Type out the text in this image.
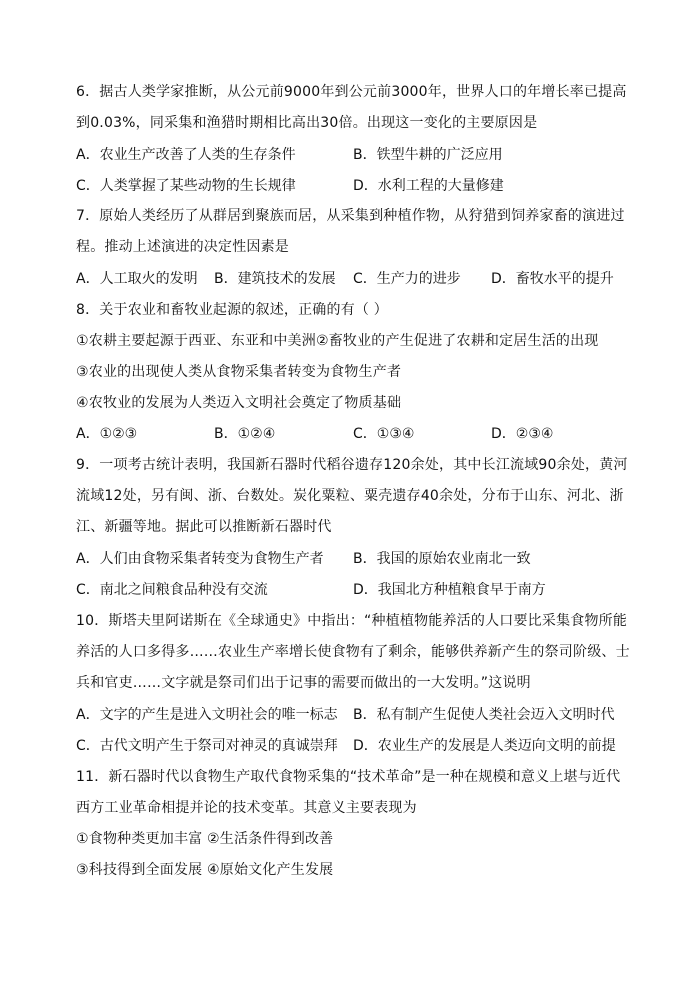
6．据古人类学家推断，从公元前9000年到公元前3000年，世界人口的年增长率已提高
到0.03%，同采集和渔猎时期相比高出30倍。出现这一变化的主要原因是
A．农业生产改善了人类的生存条件	B．铁型牛耕的广泛应用
C．人类掌握了某些动物的生长规律	D．水利工程的大量修建
7．原始人类经历了从群居到聚族而居，从采集到种植作物，从狩猎到饲养家畜的演进过
程。推动上述演进的决定性因素是
A．人工取火的发明 B．建筑技术的发展 C．生产力的进步 D．畜牧水平的提升
8．关于农业和畜牧业起源的叙述，正确的有（ ）
①农耕主要起源于西亚、东亚和中美洲②畜牧业的产生促进了农耕和定居生活的出现
③农业的出现使人类从食物采集者转变为食物生产者
④农牧业的发展为人类迈入文明社会奠定了物质基础
A．①②③	B．①②④	C．①③④	D．②③④
9．一项考古统计表明，我国新石器时代稻谷遗存120余处，其中长江流域90余处，黄河
流域12处，另有闽、浙、台数处。炭化粟粒、粟壳遗存40余处，分布于山东、河北、浙
江、新疆等地。据此可以推断新石器时代
A．人们由食物采集者转变为食物生产者 B．我国的原始农业南北一致
C．南北之间粮食品种没有交流	D．我国北方种植粮食早于南方
10．斯塔夫里阿诺斯在《全球通史》中指出：“种植植物能养活的人口要比采集食物所能
养活的人口多得多……农业生产率增长使食物有了剩余，能够供养新产生的祭司阶级、士
兵和官吏……文字就是祭司们出于记事的需要而做出的一大发明。”这说明
A．文字的产生是进入文明社会的唯一标志 B．私有制产生促使人类社会迈入文明时代
C．古代文明产生于祭司对神灵的真诚崇拜 D．农业生产的发展是人类迈向文明的前提
11．新石器时代以食物生产取代食物采集的“技术革命”是一种在规模和意义上堪与近代
西方工业革命相提并论的技术变革。其意义主要表现为
①食物种类更加丰富 ②生活条件得到改善
③科技得到全面发展 ④原始文化产生发展
